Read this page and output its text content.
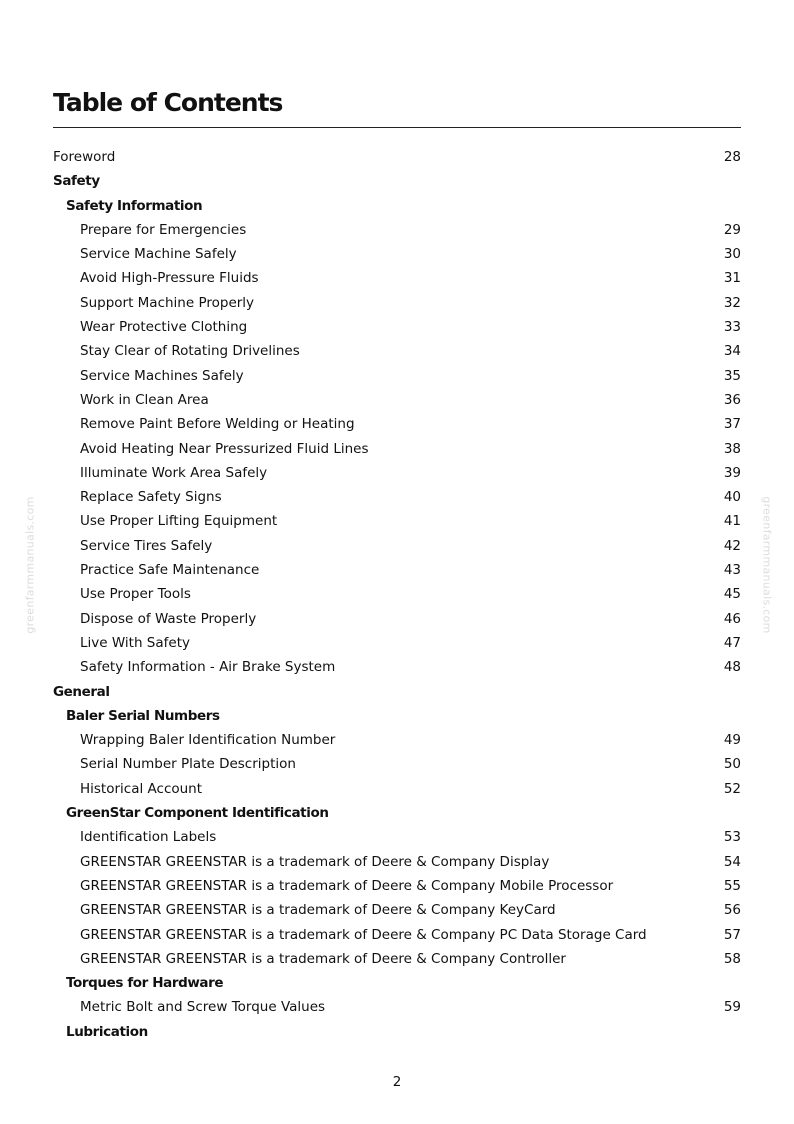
Table of Contents
Foreword	28
Safety
Safety Information
Prepare for Emergencies	29
Service Machine Safely	30
Avoid High-Pressure Fluids	31
Support Machine Properly	32
Wear Protective Clothing	33
Stay Clear of Rotating Drivelines	34
Service Machines Safely	35
Work in Clean Area	36
Remove Paint Before Welding or Heating	37
Avoid Heating Near Pressurized Fluid Lines	38
Illuminate Work Area Safely	39
Replace Safety Signs	40
Use Proper Lifting Equipment	41
Service Tires Safely	42
Practice Safe Maintenance	43
Use Proper Tools	45
Dispose of Waste Properly	46
Live With Safety	47
Safety Information - Air Brake System	48
General
Baler Serial Numbers
Wrapping Baler Identification Number	49
Serial Number Plate Description	50
Historical Account	52
GreenStar Component Identification
Identification Labels	53
GREENSTAR GREENSTAR is a trademark of Deere & Company Display	54
GREENSTAR GREENSTAR is a trademark of Deere & Company Mobile Processor	55
GREENSTAR GREENSTAR is a trademark of Deere & Company KeyCard	56
GREENSTAR GREENSTAR is a trademark of Deere & Company PC Data Storage Card	57
GREENSTAR GREENSTAR is a trademark of Deere & Company Controller	58
Torques for Hardware
Metric Bolt and Screw Torque Values	59
Lubrication
greenfarmmanuals.com	greenfarmmanuals.com
2
